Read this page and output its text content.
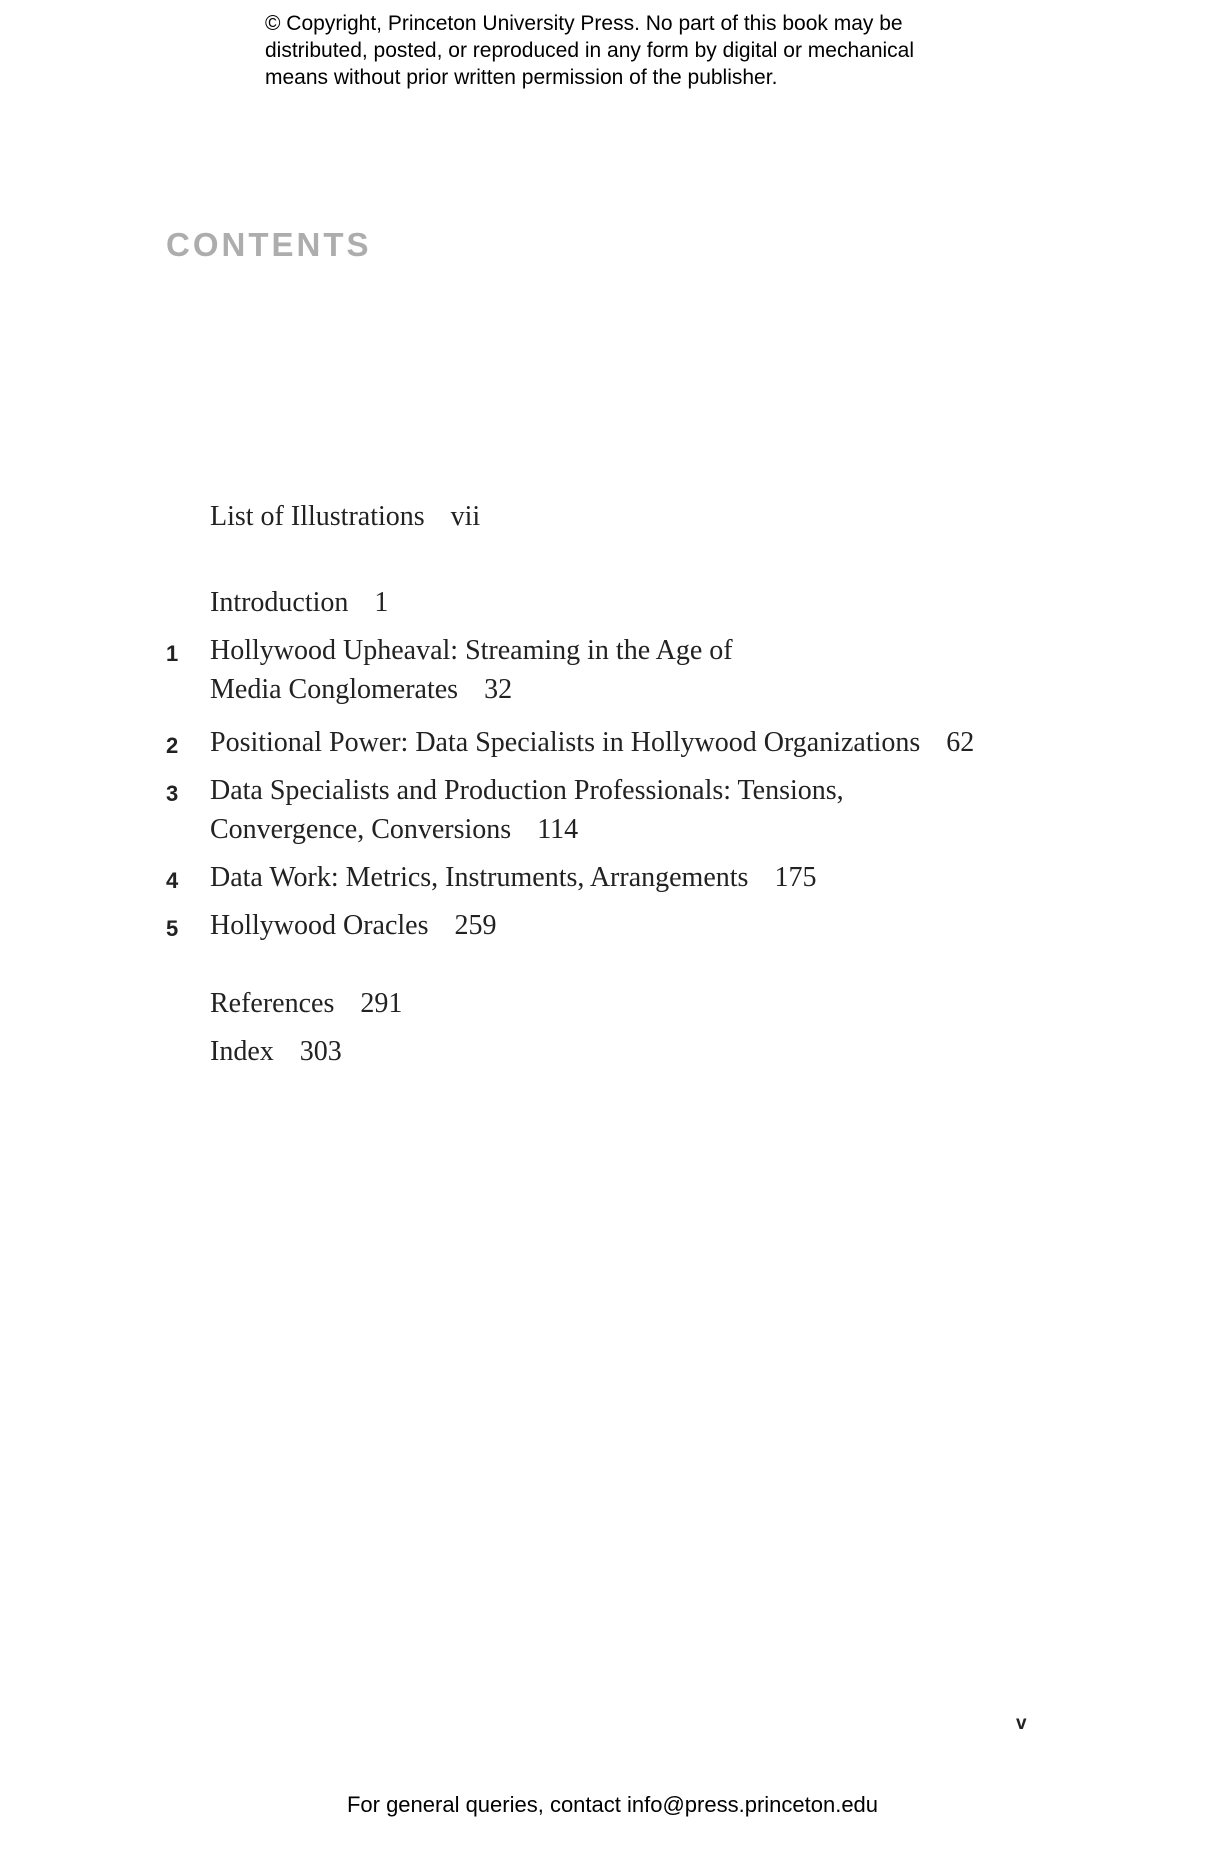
© Copyright, Princeton University Press. No part of this book may be
distributed, posted, or reproduced in any form by digital or mechanical
means without prior written permission of the publisher.
CONTENTS
List of Illustrations vii
Introduction 1
1 Hollywood Upheaval: Streaming in the Age of
Media Conglomerates 32
2 Positional Power: Data Specialists in Hollywood Organizations 62
3 Data Specialists and Production Professionals: Tensions,
Convergence, Conversions 114
4 Data Work: Metrics, Instruments, Arrangements 175
5 Hollywood Oracles 259
References 291
Index 303
v
For general queries, contact info@press.princeton.edu
